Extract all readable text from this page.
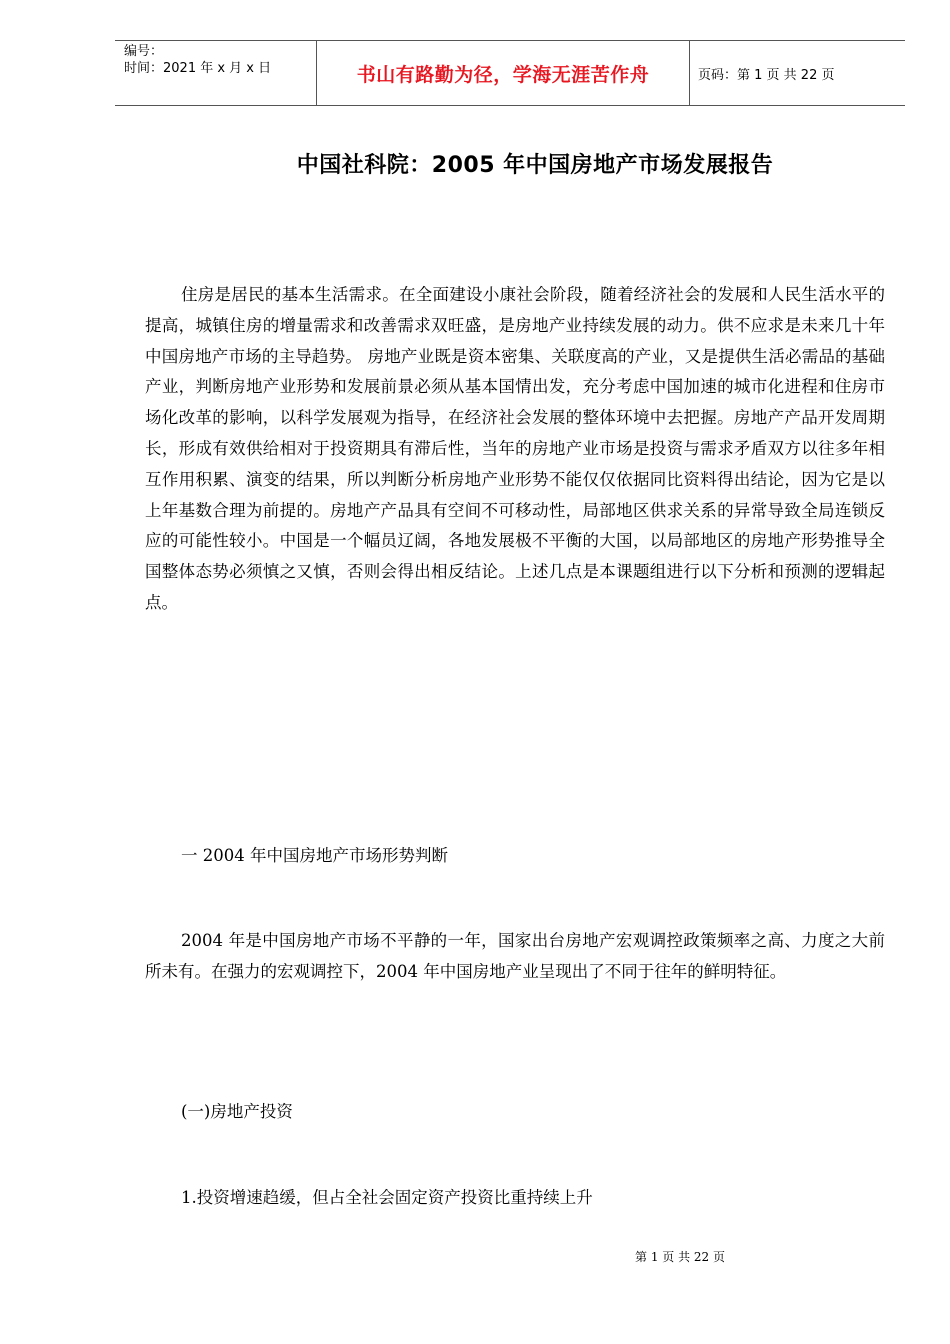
编号：
时间：2021 年 x 月 x 日	书山有路勤为径，学海无涯苦作舟	页码：第 1 页 共 22 页
中国社科院：2005 年中国房地产市场发展报告

住房是居民的基本生活需求。在全面建设小康社会阶段，随着经济社会的发展和人民生活水平的提高，城镇住房的增量需求和改善需求双旺盛，是房地产业持续发展的动力。供不应求是未来几十年中国房地产市场的主导趋势。 房地产业既是资本密集、关联度高的产业，又是提供生活必需品的基础产业，判断房地产业形势和发展前景必须从基本国情出发，充分考虑中国加速的城市化进程和住房市场化改革的影响，以科学发展观为指导，在经济社会发展的整体环境中去把握。房地产产品开发周期长，形成有效供给相对于投资期具有滞后性，当年的房地产业市场是投资与需求矛盾双方以往多年相互作用积累、演变的结果，所以判断分析房地产业形势不能仅仅依据同比资料得出结论，因为它是以上年基数合理为前提的。房地产产品具有空间不可移动性，局部地区供求关系的异常导致全局连锁反应的可能性较小。中国是一个幅员辽阔，各地发展极不平衡的大国，以局部地区的房地产形势推导全国整体态势必须慎之又慎，否则会得出相反结论。上述几点是本课题组进行以下分析和预测的逻辑起点。

一 2004 年中国房地产市场形势判断

2004 年是中国房地产市场不平静的一年，国家出台房地产宏观调控政策频率之高、力度之大前所未有。在强力的宏观调控下，2004 年中国房地产业呈现出了不同于往年的鲜明特征。

(一)房地产投资
1.投资增速趋缓，但占全社会固定资产投资比重持续上升
第 1 页 共 22 页
